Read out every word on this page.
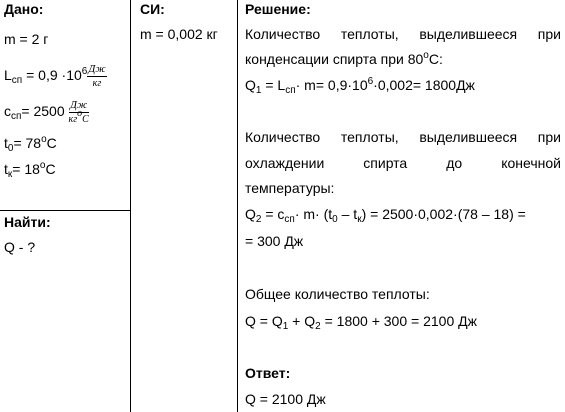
Дано:
m = 2 г
$L_{сп} = 0,9 \cdot 10^6 \frac{Дж}{кг}$
$c_{сп}= 2500 \frac{Дж}{кг^оC}$
$t_0= 78^оC$
$t_к= 18^оC$
Найти:
Q - ?
СИ:
m = 0,002 кг
Решение:
Количество теплоты, выделившееся при
конденсации спирта при $80^оС$:
$Q_1 = L_{сп}\cdot m= 0,9\cdot 10^6\cdot 0,002= 1800Дж$
Количество теплоты, выделившееся при
охлаждении	спирта	до	конечной
температуры:
$Q_2 = c_{сп}\cdot m\cdot (t_0 - t_к) = 2500\cdot 0,002\cdot(78 - 18)$ =
= 300 Дж
Общее количество теплоты:
$Q = Q_1 + Q_2 = 1800 + 300 = 2100$ Дж
Ответ:
Q = 2100 Дж
